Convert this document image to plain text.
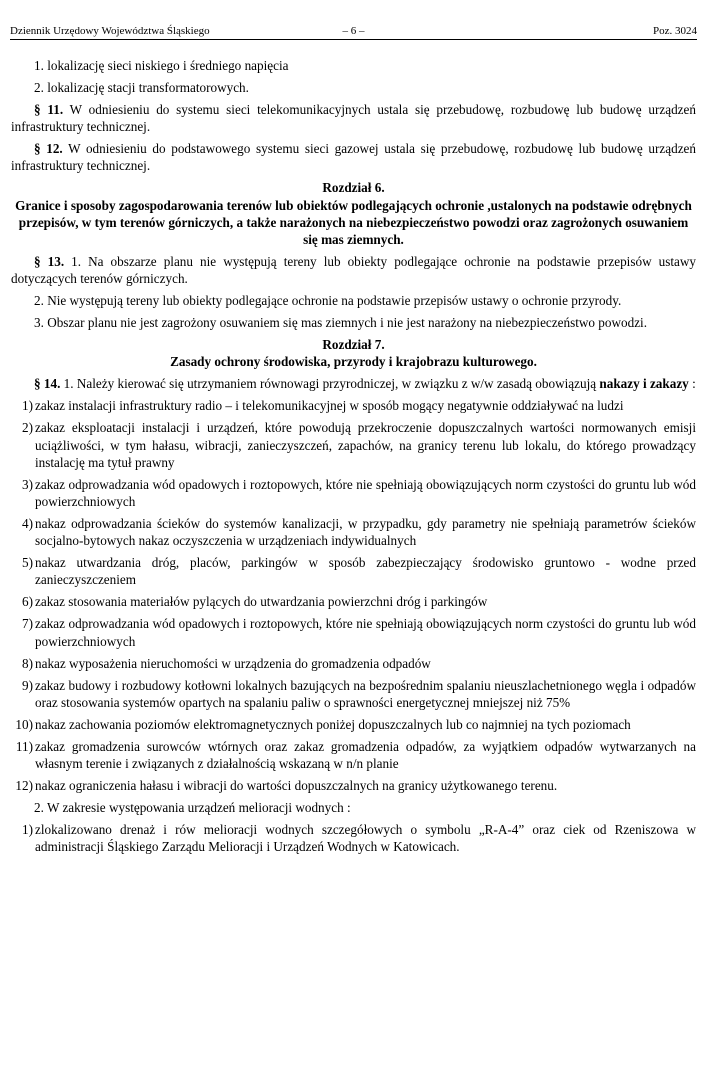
Dziennik Urzędowy Województwa Śląskiego	– 6 –	Poz. 3024

1. lokalizację sieci niskiego i średniego napięcia

2. lokalizację stacji transformatorowych.

§ 11. W odniesieniu do systemu sieci telekomunikacyjnych ustala się przebudowę, rozbudowę lub budowę urządzeń infrastruktury technicznej.

§ 12. W odniesieniu do podstawowego systemu sieci gazowej ustala się przebudowę, rozbudowę lub budowę urządzeń infrastruktury technicznej.

Rozdział 6.
Granice i sposoby zagospodarowania terenów lub obiektów podlegających ochronie ,ustalonych na podstawie odrębnych przepisów, w tym terenów górniczych, a także narażonych na niebezpieczeństwo powodzi oraz zagrożonych osuwaniem się mas ziemnych.

§ 13. 1. Na obszarze planu nie występują tereny lub obiekty podlegające ochronie na podstawie przepisów ustawy dotyczących terenów górniczych.

2. Nie występują tereny lub obiekty podlegające ochronie na podstawie przepisów ustawy o ochronie przyrody.

3. Obszar planu nie jest zagrożony osuwaniem się mas ziemnych i nie jest narażony na niebezpieczeństwo powodzi.

Rozdział 7.
Zasady ochrony środowiska, przyrody i krajobrazu kulturowego.

§ 14. 1. Należy kierować się utrzymaniem równowagi przyrodniczej, w związku z w/w zasadą obowiązują nakazy i zakazy :

1) zakaz instalacji infrastruktury radio – i telekomunikacyjnej w sposób mogący negatywnie oddziaływać na ludzi
2) zakaz eksploatacji instalacji i urządzeń, które powodują przekroczenie dopuszczalnych wartości normowanych emisji uciążliwości, w tym hałasu, wibracji, zanieczyszczeń, zapachów, na granicy terenu lub lokalu, do którego prowadzący instalację ma tytuł prawny
3) zakaz odprowadzania wód opadowych i roztopowych, które nie spełniają obowiązujących norm czystości do gruntu lub wód powierzchniowych
4) nakaz odprowadzania ścieków do systemów kanalizacji, w przypadku, gdy parametry nie spełniają parametrów ścieków socjalno-bytowych nakaz oczyszczenia w urządzeniach indywidualnych
5) nakaz utwardzania dróg, placów, parkingów w sposób zabezpieczający środowisko gruntowo - wodne przed zanieczyszczeniem
6) zakaz stosowania materiałów pylących do utwardzania powierzchni dróg i parkingów
7) zakaz odprowadzania wód opadowych i roztopowych, które nie spełniają obowiązujących norm czystości do gruntu lub wód powierzchniowych
8) nakaz wyposażenia nieruchomości w urządzenia do gromadzenia odpadów
9) zakaz budowy i rozbudowy kotłowni lokalnych bazujących na bezpośrednim spalaniu nieuszlachetnionego węgla i odpadów oraz stosowania systemów opartych na spalaniu paliw o sprawności energetycznej mniejszej niż 75%
10) nakaz zachowania poziomów elektromagnetycznych poniżej dopuszczalnych lub co najmniej na tych poziomach
11) zakaz gromadzenia surowców wtórnych oraz zakaz gromadzenia odpadów, za wyjątkiem odpadów wytwarzanych na własnym terenie i związanych z działalnością wskazaną w n/n planie
12) nakaz ograniczenia hałasu i wibracji do wartości dopuszczalnych na granicy użytkowanego terenu.

2. W zakresie występowania urządzeń melioracji wodnych :

1) zlokalizowano drenaż i rów melioracji wodnych szczegółowych o symbolu „R-A-4” oraz ciek od Rzeniszowa w administracji Śląskiego Zarządu Melioracji i Urządzeń Wodnych w Katowicach.
